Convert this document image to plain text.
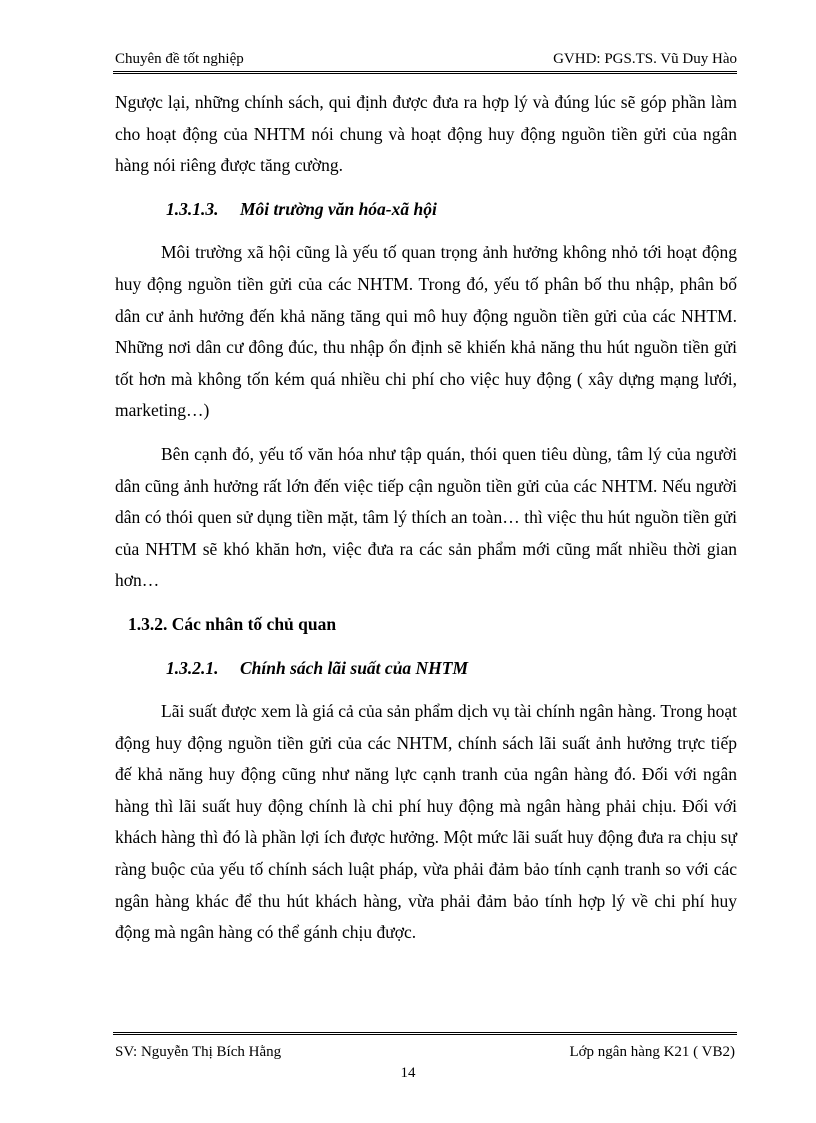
Chuyên đề tốt nghiệp	GVHD: PGS.TS. Vũ Duy Hào

Ngược lại, những chính sách, qui định được đưa ra hợp lý và đúng lúc sẽ góp phần làm cho hoạt động của NHTM nói chung và hoạt động huy động nguồn tiền gửi của ngân hàng nói riêng được tăng cường.

1.3.1.3. Môi trường văn hóa-xã hội

Môi trường xã hội cũng là yếu tố quan trọng ảnh hưởng không nhỏ tới hoạt động huy động nguồn tiền gửi của các NHTM. Trong đó, yếu tố phân bố thu nhập, phân bố dân cư ảnh hưởng đến khả năng tăng qui mô huy động nguồn tiền gửi của các NHTM. Những nơi dân cư đông đúc, thu nhập ổn định sẽ khiến khả năng thu hút nguồn tiền gửi tốt hơn mà không tốn kém quá nhiều chi phí cho việc huy động ( xây dựng mạng lưới, marketing…)

Bên cạnh đó, yếu tố văn hóa như tập quán, thói quen tiêu dùng, tâm lý của người dân cũng ảnh hưởng rất lớn đến việc tiếp cận nguồn tiền gửi của các NHTM. Nếu người dân có thói quen sử dụng tiền mặt, tâm lý thích an toàn… thì việc thu hút nguồn tiền gửi của NHTM sẽ khó khăn hơn, việc đưa ra các sản phẩm mới cũng mất nhiều thời gian hơn…

1.3.2. Các nhân tố chủ quan
1.3.2.1. Chính sách lãi suất của NHTM

Lãi suất được xem là giá cả của sản phẩm dịch vụ tài chính ngân hàng. Trong hoạt động huy động nguồn tiền gửi của các NHTM, chính sách lãi suất ảnh hưởng trực tiếp đế khả năng huy động cũng như năng lực cạnh tranh của ngân hàng đó. Đối với ngân hàng thì lãi suất huy động chính là chi phí huy động mà ngân hàng phải chịu. Đối với khách hàng thì đó là phần lợi ích được hưởng. Một mức lãi suất huy động đưa ra chịu sự ràng buộc của yếu tố chính sách luật pháp, vừa phải đảm bảo tính cạnh tranh so với các ngân hàng khác để thu hút khách hàng, vừa phải đảm bảo tính hợp lý về chi phí huy động mà ngân hàng có thể gánh chịu được.

SV: Nguyễn Thị Bích Hằng	Lớp ngân hàng K21 ( VB2)
14
